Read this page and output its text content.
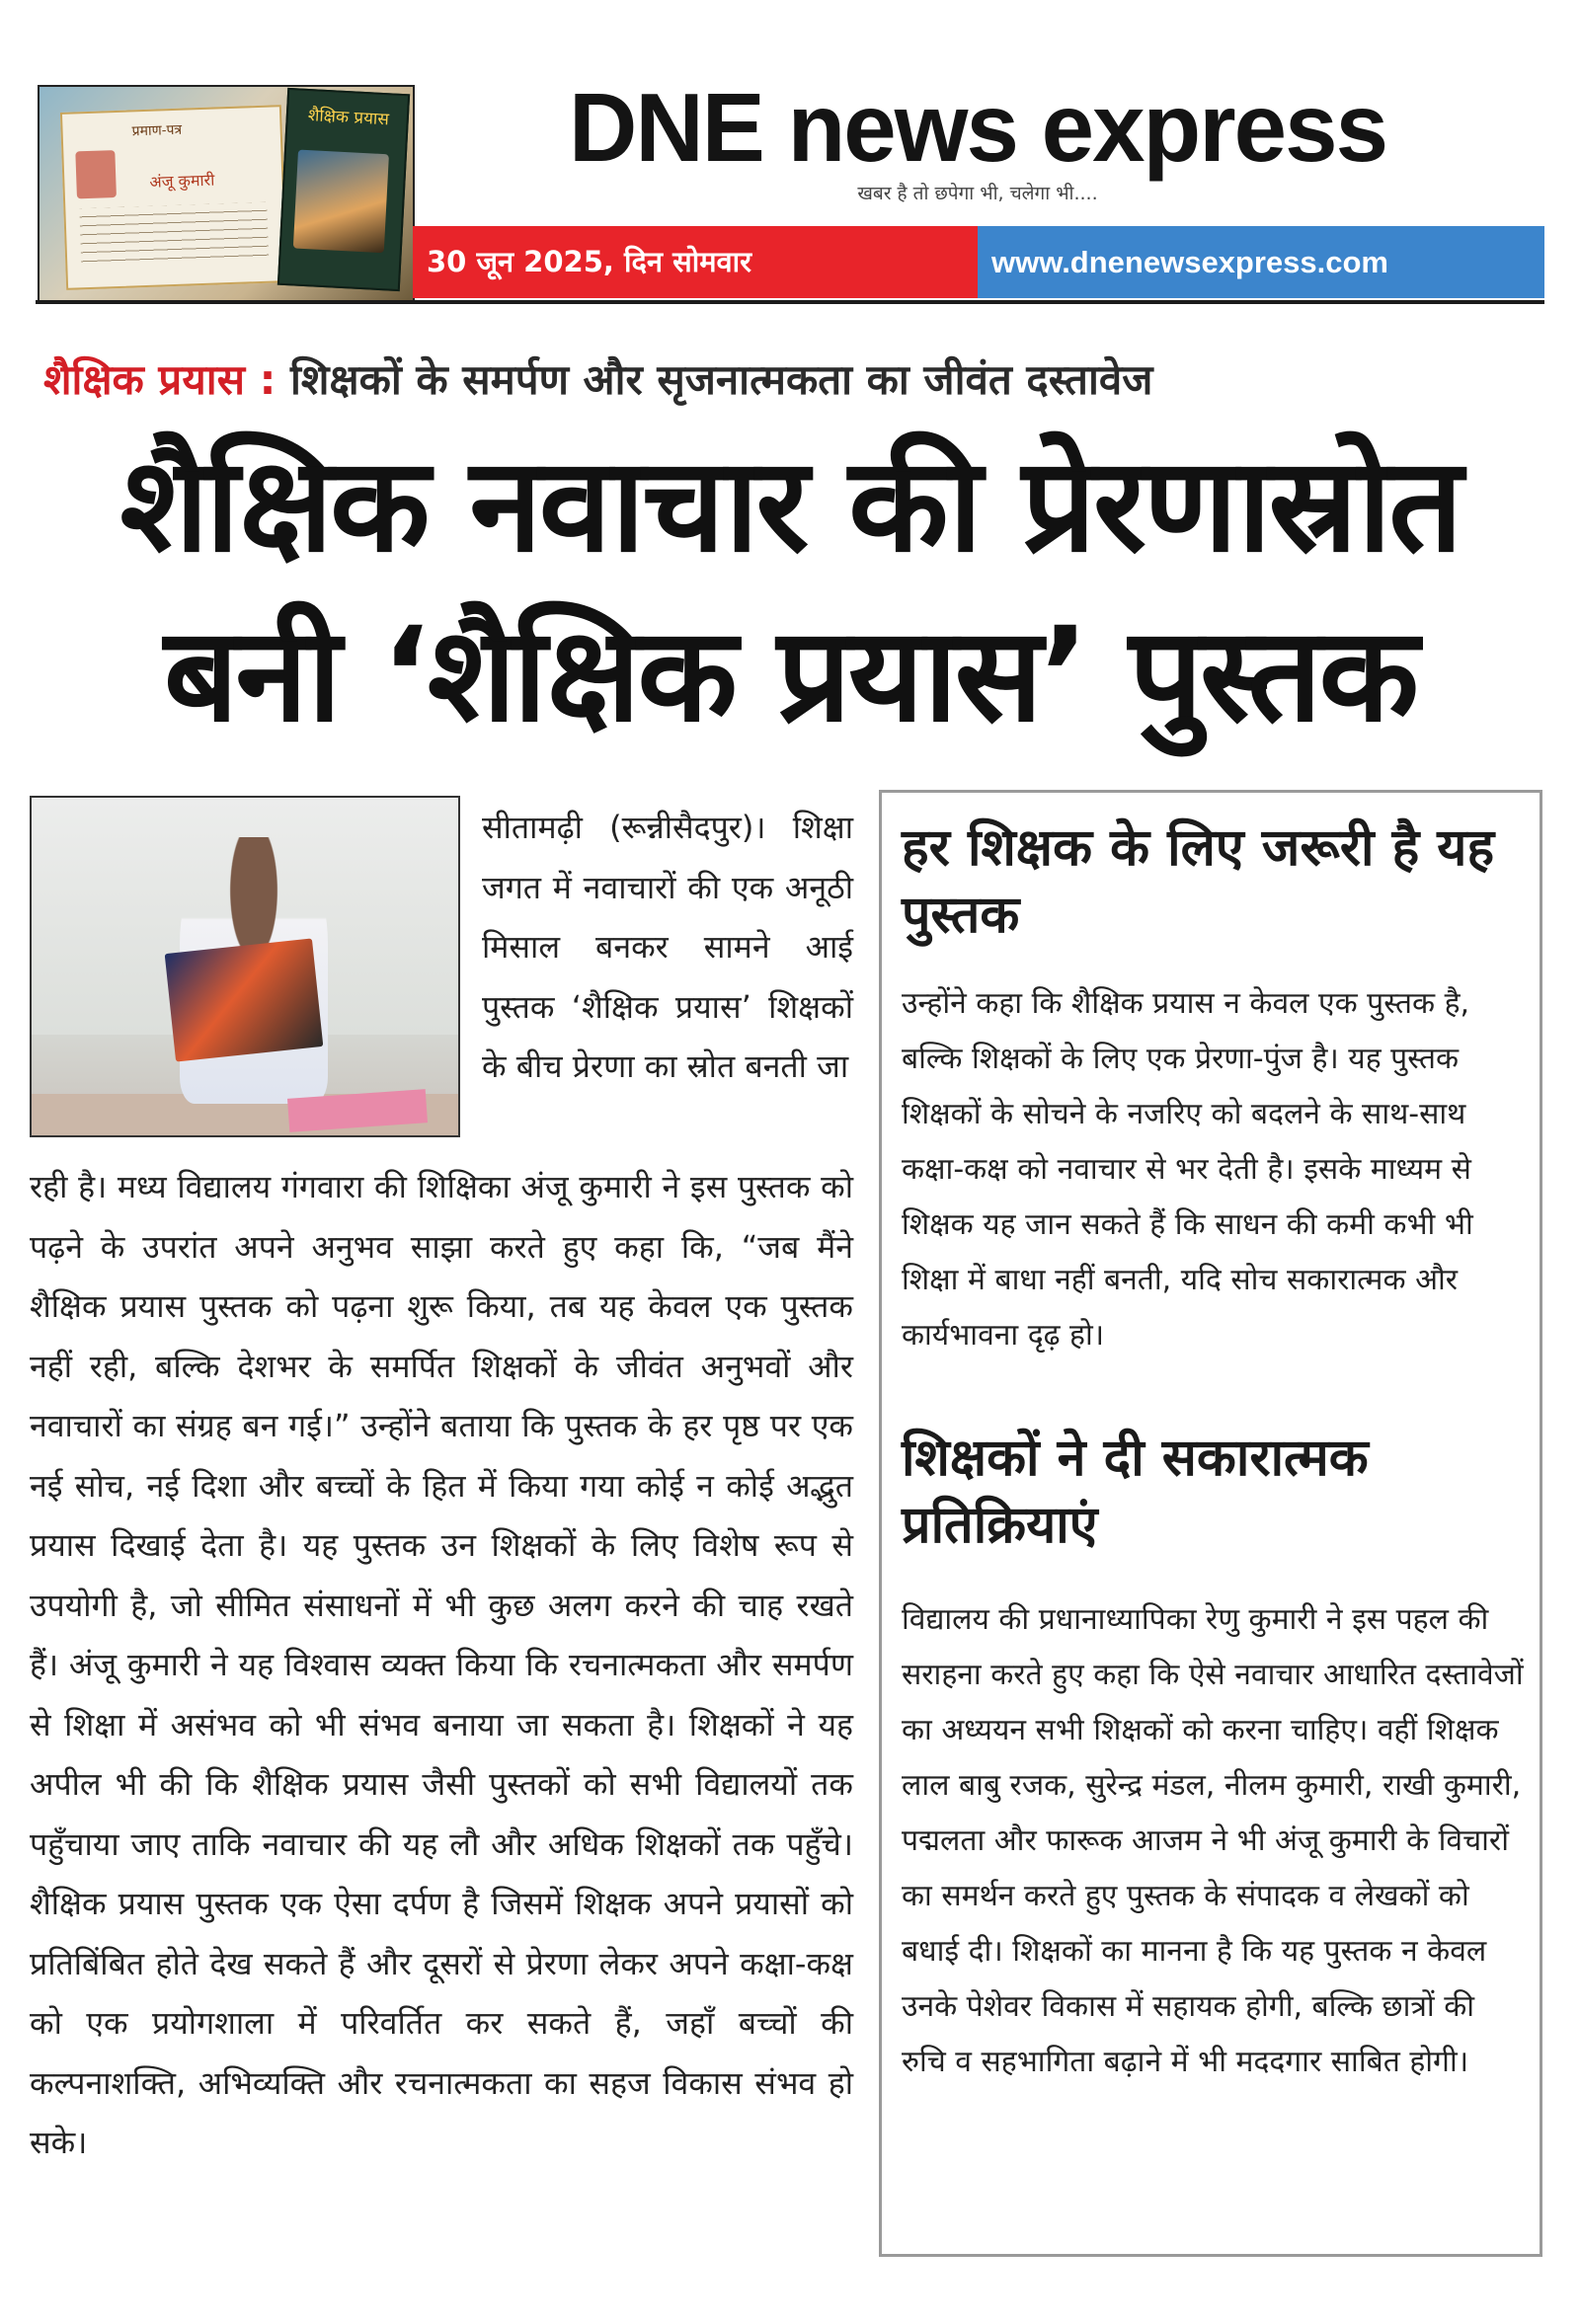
प्रमाण-पत्र
अंजू कुमारी
शैक्षिक प्रयास	DNE news express
खबर है तो छपेगा भी, चलेगा भी....
30 जून 2025, दिन सोमवार	www.dnenewsexpress.com
शैक्षिक प्रयास : शिक्षकों के समर्पण और सृजनात्मकता का जीवंत दस्तावेज
शैक्षिक नवाचार की प्रेरणास्रोत
बनी ‘शैक्षिक प्रयास’ पुस्तक
सीतामढ़ी (रून्नीसैदपुर)। शिक्षा जगत में नवाचारों की एक अनूठी मिसाल बनकर सामने आई पुस्तक ‘शैक्षिक प्रयास’ शिक्षकों के बीच प्रेरणा का स्रोत बनती जा

रही है। मध्य विद्यालय गंगवारा की शिक्षिका अंजू कुमारी ने इस पुस्तक को पढ़ने के उपरांत अपने अनुभव साझा करते हुए कहा कि, “जब मैंने शैक्षिक प्रयास पुस्तक को पढ़ना शुरू किया, तब यह केवल एक पुस्तक नहीं रही, बल्कि देशभर के समर्पित शिक्षकों के जीवंत अनुभवों और नवाचारों का संग्रह बन गई।” उन्होंने बताया कि पुस्तक के हर पृष्ठ पर एक नई सोच, नई दिशा और बच्चों के हित में किया गया कोई न कोई अद्भुत प्रयास दिखाई देता है। यह पुस्तक उन शिक्षकों के लिए विशेष रूप से उपयोगी है, जो सीमित संसाधनों में भी कुछ अलग करने की चाह रखते हैं। अंजू कुमारी ने यह विश्वास व्यक्त किया कि रचनात्मकता और समर्पण से शिक्षा में असंभव को भी संभव बनाया जा सकता है। शिक्षकों ने यह अपील भी की कि शैक्षिक प्रयास जैसी पुस्तकों को सभी विद्यालयों तक पहुँचाया जाए ताकि नवाचार की यह लौ और अधिक शिक्षकों तक पहुँचे। शैक्षिक प्रयास पुस्तक एक ऐसा दर्पण है जिसमें शिक्षक अपने प्रयासों को प्रतिबिंबित होते देख सकते हैं और दूसरों से प्रेरणा लेकर अपने कक्षा-कक्ष को एक प्रयोगशाला में परिवर्तित कर सकते हैं, जहाँ बच्चों की कल्पनाशक्ति, अभिव्यक्ति और रचनात्मकता का सहज विकास संभव हो सके।

हर शिक्षक के लिए जरूरी है यह पुस्तक

उन्होंने कहा कि शैक्षिक प्रयास न केवल एक पुस्तक है, बल्कि शिक्षकों के लिए एक प्रेरणा-पुंज है। यह पुस्तक शिक्षकों के सोचने के नजरिए को बदलने के साथ-साथ कक्षा-कक्ष को नवाचार से भर देती है। इसके माध्यम से शिक्षक यह जान सकते हैं कि साधन की कमी कभी भी शिक्षा में बाधा नहीं बनती, यदि सोच सकारात्मक और कार्यभावना दृढ़ हो।

शिक्षकों ने दी सकारात्मक प्रतिक्रियाएं

विद्यालय की प्रधानाध्यापिका रेणु कुमारी ने इस पहल की सराहना करते हुए कहा कि ऐसे नवाचार आधारित दस्तावेजों का अध्ययन सभी शिक्षकों को करना चाहिए। वहीं शिक्षक लाल बाबु रजक, सुरेन्द्र मंडल, नीलम कुमारी, राखी कुमारी, पद्मलता और फारूक आजम ने भी अंजू कुमारी के विचारों का समर्थन करते हुए पुस्तक के संपादक व लेखकों को बधाई दी। शिक्षकों का मानना है कि यह पुस्तक न केवल उनके पेशेवर विकास में सहायक होगी, बल्कि छात्रों की रुचि व सहभागिता बढ़ाने में भी मददगार साबित होगी।
